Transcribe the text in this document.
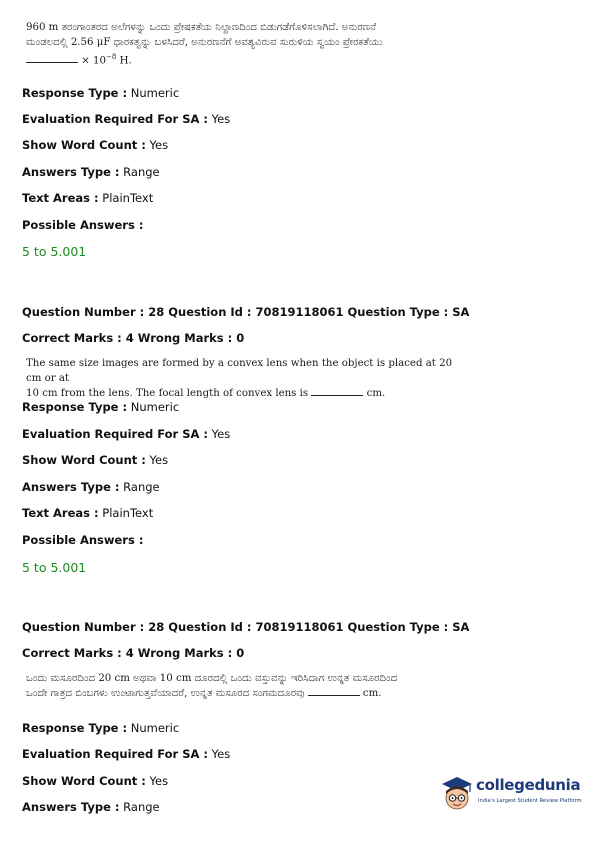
960 m ತರಂಗಾಂತರದ ಅಲೆಗಳನ್ನು ಒಂದು ಪ್ರೇಷಕತೆಯ ನಿಲ್ದಾಣದಿಂದ ಬಿಡುಗಡೆಗೊಳಿಸಲಾಗಿದೆ. ಅನುರಣನೆ
ಮಂಡಲದಲ್ಲಿ 2.56 μF ಧಾರಕತ್ವನ್ನು ಬಳಸಿದರೆ, ಅನುರಣನೆಗೆ ಅವಶ್ಯವಿರುವ ಸುರುಳಿಯ ಸ್ವಯಂ ಪ್ರೇರಕತೆಯು
× $10^{-8}$ H.
Response Type : Numeric
Evaluation Required For SA : Yes
Show Word Count : Yes
Answers Type : Range
Text Areas : PlainText
Possible Answers :
5 to 5.001
Question Number : 28 Question Id : 70819118061 Question Type : SA
Correct Marks : 4 Wrong Marks : 0
The same size images are formed by a convex lens when the object is placed at 20 cm or at
10 cm from the lens. The focal length of convex lens is	cm.
Response Type : Numeric
Evaluation Required For SA : Yes
Show Word Count : Yes
Answers Type : Range
Text Areas : PlainText
Possible Answers :
5 to 5.001
Question Number : 28 Question Id : 70819118061 Question Type : SA
Correct Marks : 4 Wrong Marks : 0
ಒಂದು ಮಸೂರದಿಂದ 20 cm ಅಥವಾ 10 cm ದೂರದಲ್ಲಿ ಒಂದು ವಸ್ತುವನ್ನು ಇರಿಸಿದಾಗ ಉನ್ನತ ಮಸೂರದಿಂದ
ಒಂದೇ ಗಾತ್ರದ ಬಿಂಬಗಳು ಉಂಟಾಗುತ್ತವೆಯಾದರೆ, ಉನ್ನತ ಮಸೂರದ ಸಂಗಮದೂರವು	cm.
Response Type : Numeric
Evaluation Required For SA : Yes
Show Word Count : Yes
Answers Type : Range
collegedunia
India's Largest Student Review Platform
